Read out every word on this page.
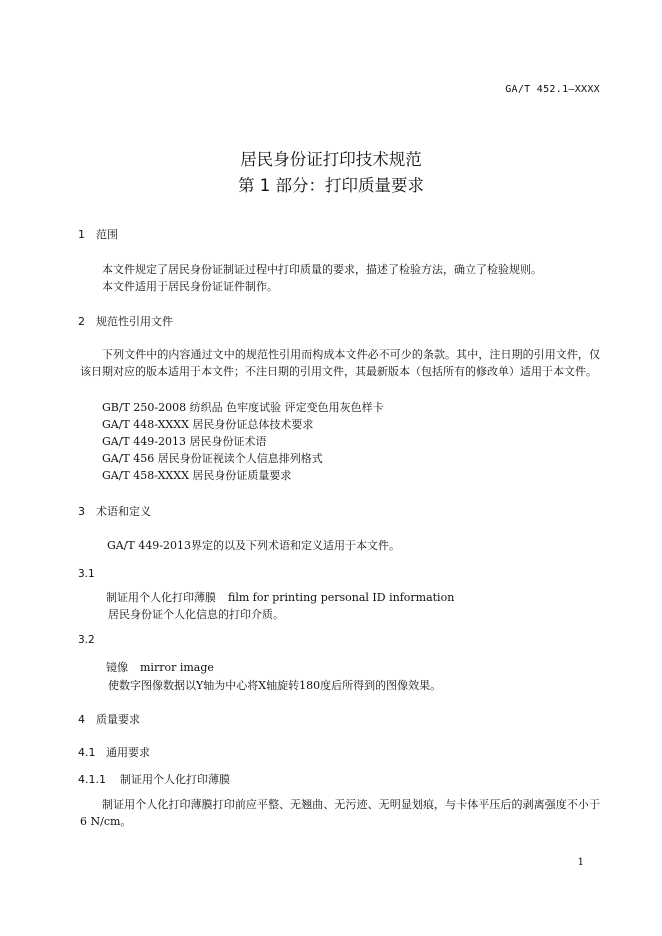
GA/T 452.1—XXXX
居民身份证打印技术规范
第 1 部分：打印质量要求
1 范围
本文件规定了居民身份证制证过程中打印质量的要求，描述了检验方法，确立了检验规则。
本文件适用于居民身份证证件制作。
2 规范性引用文件
下列文件中的内容通过文中的规范性引用而构成本文件必不可少的条款。其中，注日期的引用文件，仅该日期对应的版本适用于本文件；不注日期的引用文件，其最新版本（包括所有的修改单）适用于本文件。
GB/T 250-2008 纺织品 色牢度试验 评定变色用灰色样卡
GA/T 448-XXXX 居民身份证总体技术要求
GA/T 449-2013 居民身份证术语
GA/T 456 居民身份证视读个人信息排列格式
GA/T 458-XXXX 居民身份证质量要求
3 术语和定义
GA/T 449-2013界定的以及下列术语和定义适用于本文件。
3.1
制证用个人化打印薄膜 film for printing personal ID information
居民身份证个人化信息的打印介质。
3.2
镜像 mirror image
使数字图像数据以Y轴为中心将X轴旋转180度后所得到的图像效果。
4 质量要求
4.1 通用要求
4.1.1 制证用个人化打印薄膜
制证用个人化打印薄膜打印前应平整、无翘曲、无污迹、无明显划痕，与卡体平压后的剥离强度不小于6 N/cm。
1
